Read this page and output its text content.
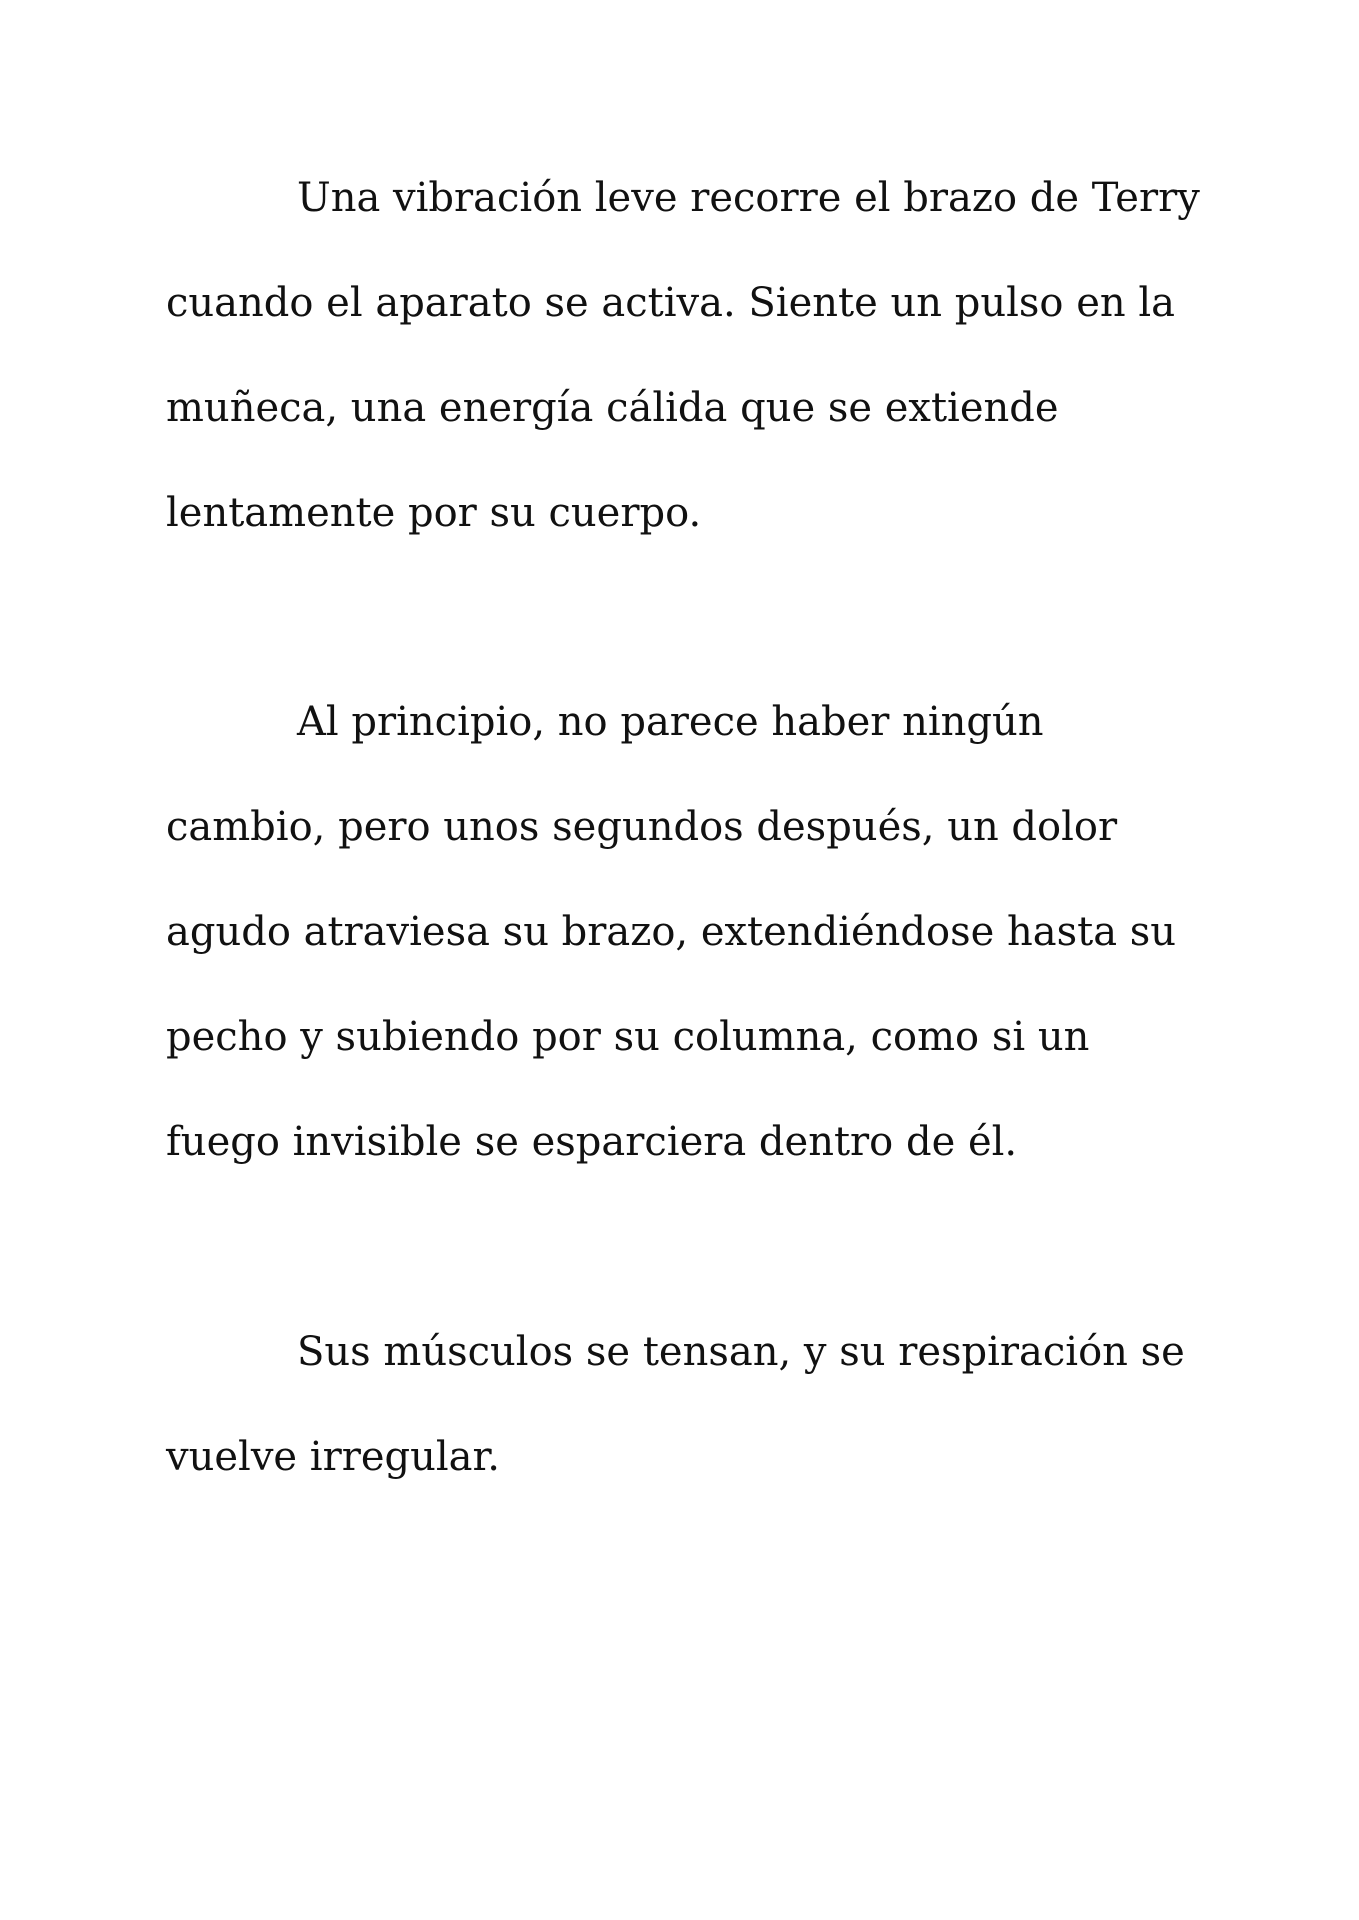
Una vibración leve recorre el brazo de Terry
cuando el aparato se activa. Siente un pulso en la
muñeca, una energía cálida que se extiende
lentamente por su cuerpo.
Al principio, no parece haber ningún
cambio, pero unos segundos después, un dolor
agudo atraviesa su brazo, extendiéndose hasta su
pecho y subiendo por su columna, como si un
fuego invisible se esparciera dentro de él.
Sus músculos se tensan, y su respiración se
vuelve irregular.
